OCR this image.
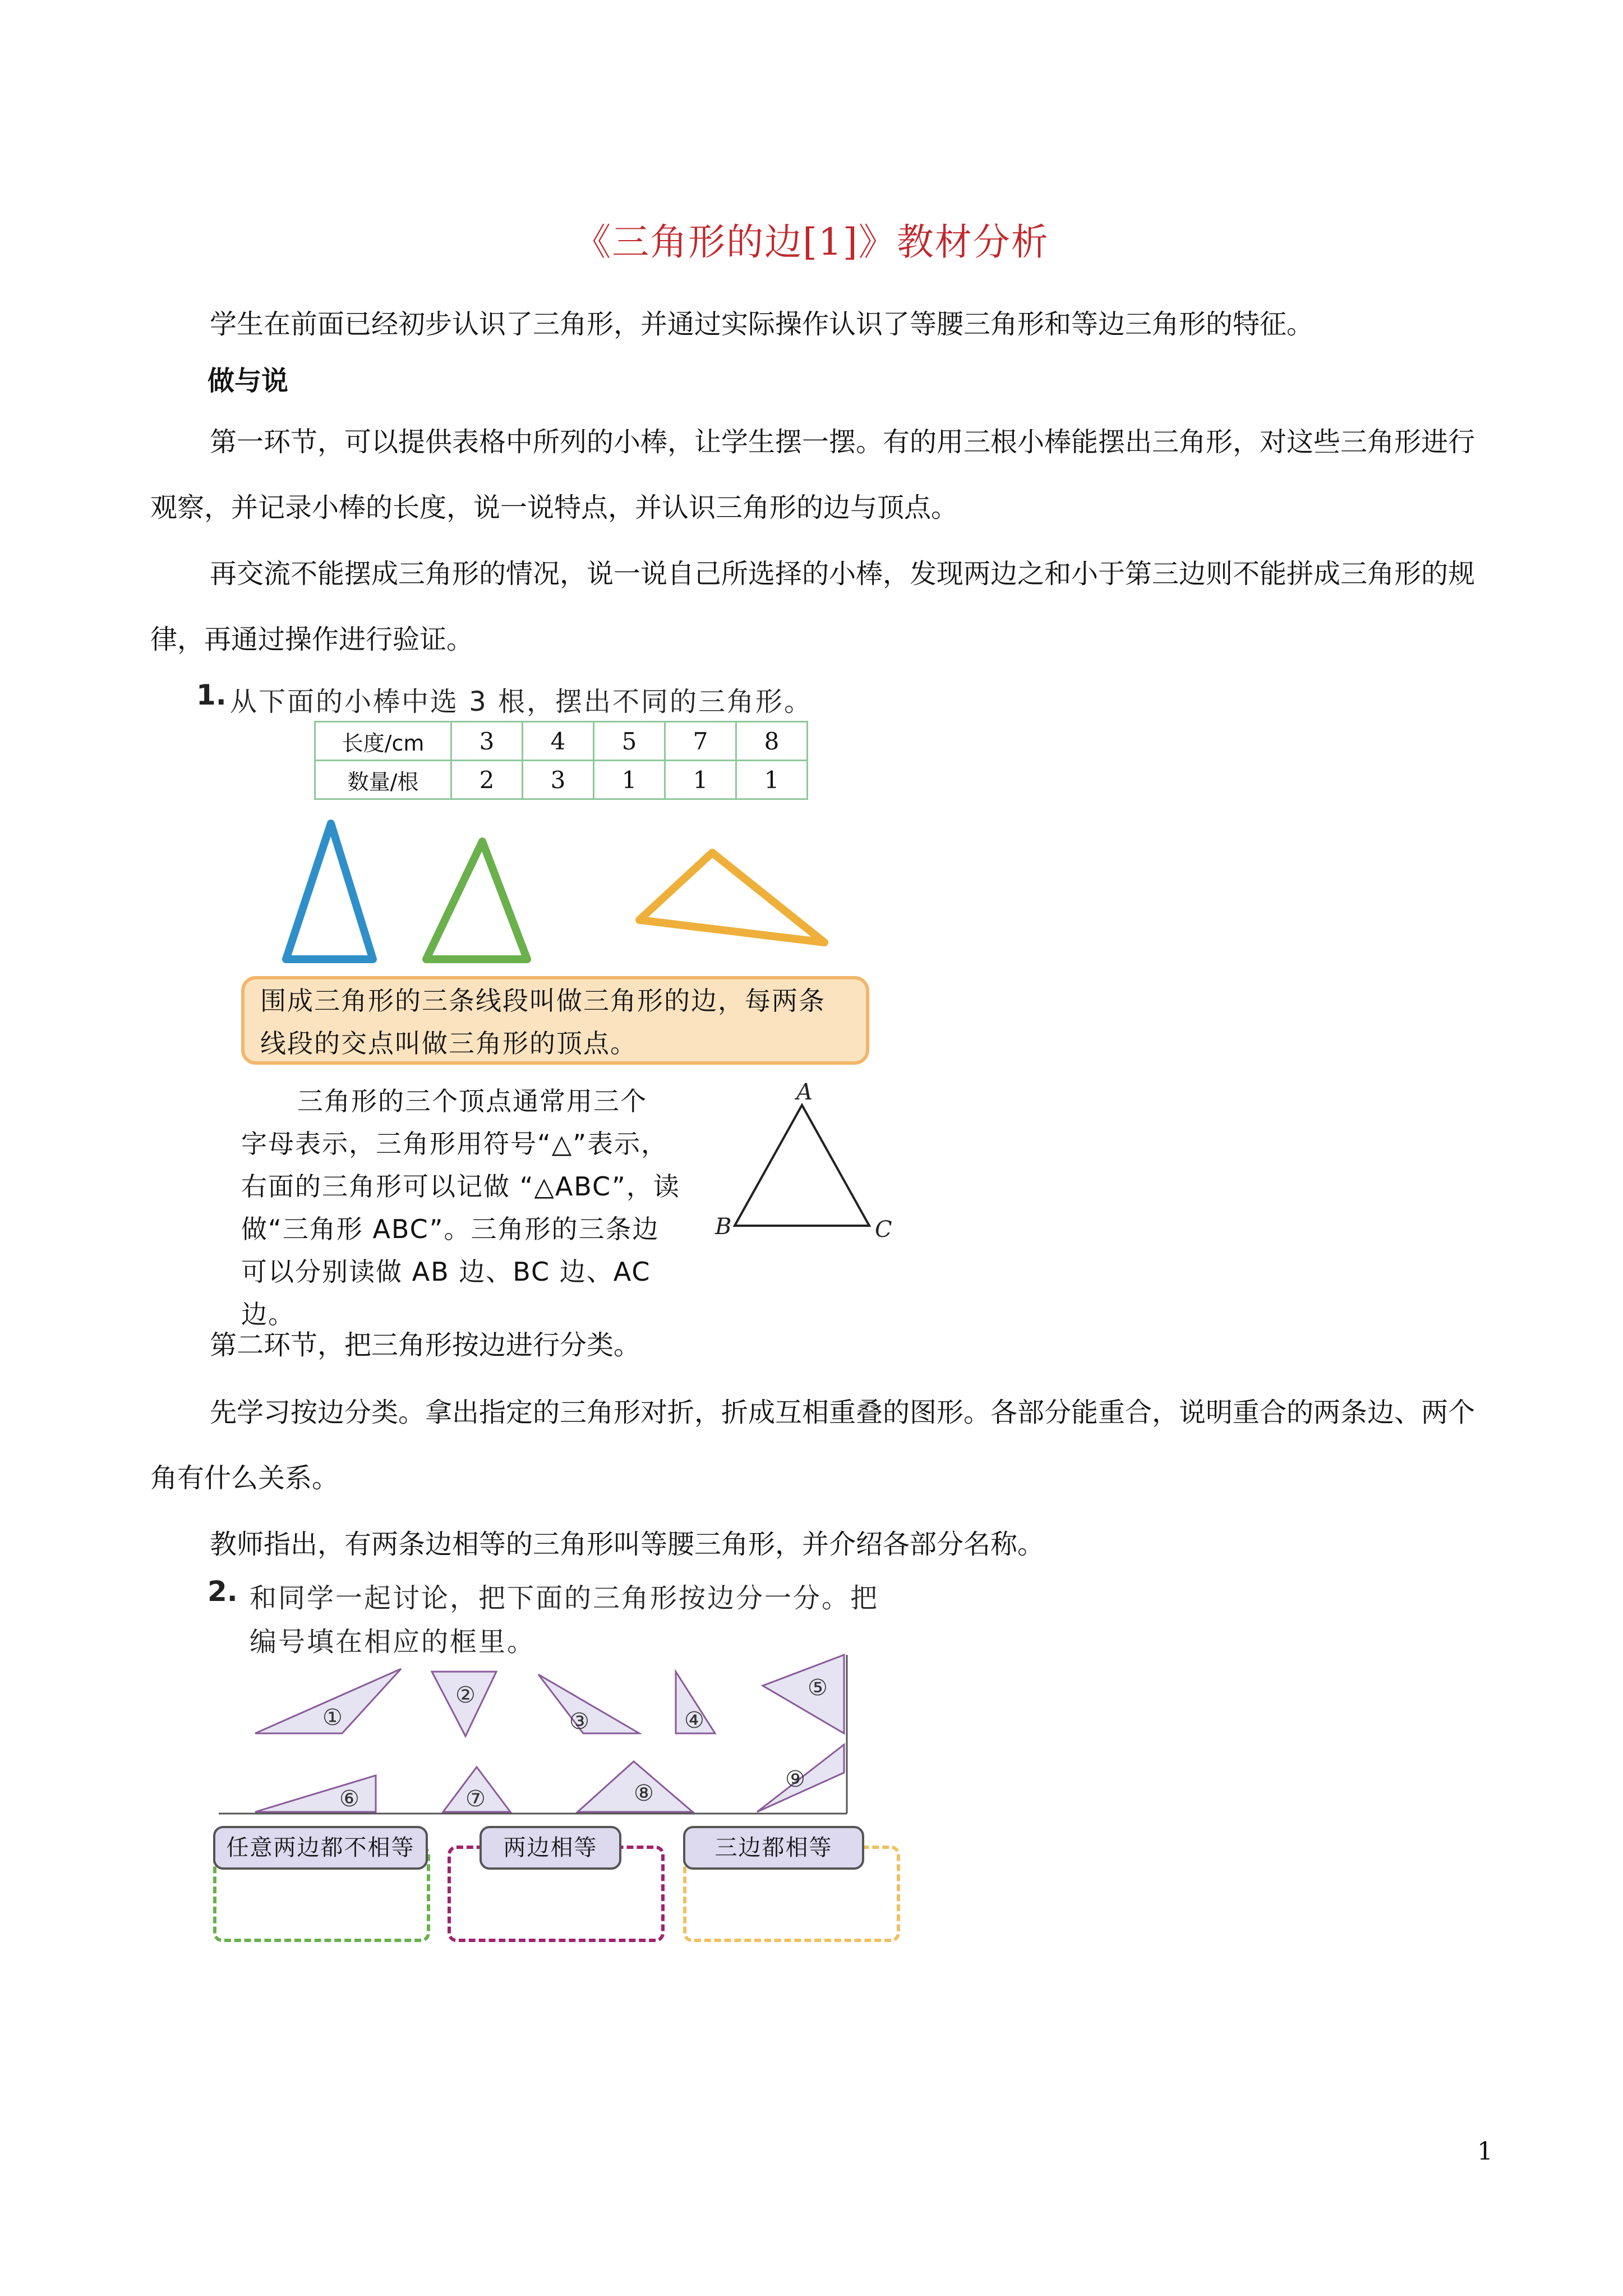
《三角形的边[1]》教材分析
学生在前面已经初步认识了三角形，并通过实际操作认识了等腰三角形和等边三角形的特征。
做与说
第一环节，可以提供表格中所列的小棒，让学生摆一摆。有的用三根小棒能摆出三角形，对这些三角形进行观察，并记录小棒的长度，说一说特点，并认识三角形的边与顶点。
再交流不能摆成三角形的情况，说一说自己所选择的小棒，发现两边之和小于第三边则不能拼成三角形的规律，再通过操作进行验证。
1. 从下面的小棒中选 3 根，摆出不同的三角形。
长度/cm	3	4	5	7	8
数量/根	2	3	1	1	1
围成三角形的三条线段叫做三角形的边，每两条线段的交点叫做三角形的顶点。
三角形的三个顶点通常用三个
字母表示，三角形用符号“△”表示，
右面的三角形可以记做 “△ABC”，读
做“三角形 ABC”。三角形的三条边
可以分别读做 AB 边、BC 边、AC 边。
A
B	C
第二环节，把三角形按边进行分类。
先学习按边分类。拿出指定的三角形对折，折成互相重叠的图形。各部分能重合，说明重合的两条边、两个角有什么关系。
教师指出，有两条边相等的三角形叫等腰三角形，并介绍各部分名称。
2. 和同学一起讨论，把下面的三角形按边分一分。把
编号填在相应的框里。
①
②
③	④
⑤
⑥	⑦	⑧
⑨
任意两边都不相等	两边相等	三边都相等
1
